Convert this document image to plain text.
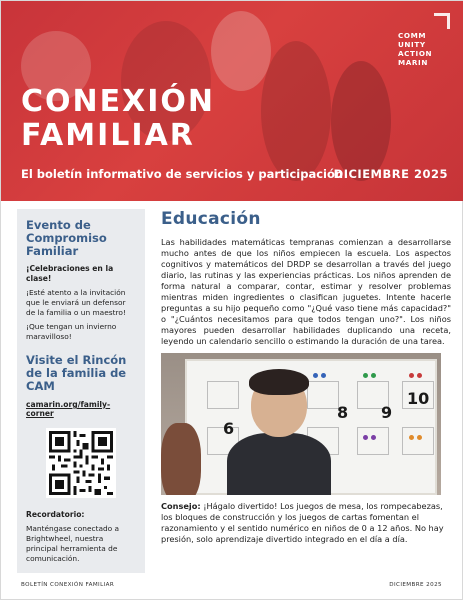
COMM
UNITY
ACTION
MARIN
CONEXIÓN
FAMILIAR
El boletín informativo de servicios y participación
DICIEMBRE 2025
Evento de Compromiso Familiar
¡Celebraciones en la clase!
¡Esté atento a la invitación que le enviará un defensor de la familia o un maestro!
¡Que tengan un invierno maravilloso!
Visite el Rincón de la familia de CAM
camarin.org/family-corner
Recordatorio:
Manténgase conectado a Brightwheel, nuestra principal herramienta de comunicación.
Educación
Las habilidades matemáticas tempranas comienzan a desarrollarse mucho antes de que los niños empiecen la escuela. Los aspectos cognitivos y matemáticos del DRDP se desarrollan a través del juego diario, las rutinas y las experiencias prácticas. Los niños aprenden de forma natural a comparar, contar, estimar y resolver problemas mientras miden ingredientes o clasifican juguetes. Intente hacerle preguntas a su hijo pequeño como "¿Qué vaso tiene más capacidad?" o "¿Cuántos necesitamos para que todos tengan uno?". Los niños mayores pueden desarrollar habilidades duplicando una receta, leyendo un calendario sencillo o estimando la duración de una tarea.
6
8 9
10
Consejo: ¡Hágalo divertido! Los juegos de mesa, los rompecabezas, los bloques de construcción y los juegos de cartas fomentan el razonamiento y el sentido numérico en niños de 0 a 12 años. No hay presión, solo aprendizaje divertido integrado en el día a día.
BOLETÍN CONEXIÓN FAMILIAR	DICIEMBRE 2025
